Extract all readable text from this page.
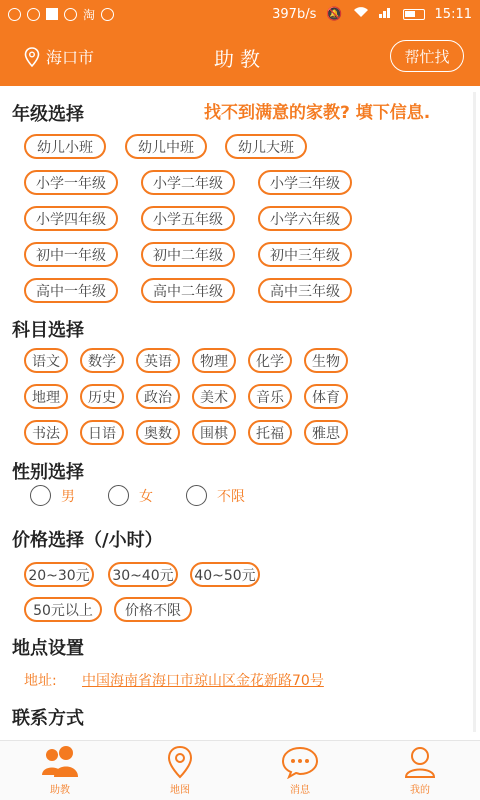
淘	397b/s 🔕	15:11
海口市	助教	帮忙找
年级选择	找不到满意的家教? 填下信息.
幼儿小班	幼儿中班	幼儿大班
小学一年级	小学二年级	小学三年级
小学四年级	小学五年级	小学六年级
初中一年级	初中二年级	初中三年级
高中一年级	高中二年级	高中三年级
科目选择
语文	数学	英语	物理	化学	生物
地理	历史	政治	美术	音乐	体育
书法	日语	奥数	围棋	托福	雅思
性别选择
男	女	不限
价格选择（/小时）
20~30元	30~40元	40~50元
50元以上	价格不限
地点设置
地址: 中国海南省海口市琼山区金花新路70号
联系方式
助教	地图	消息	我的
